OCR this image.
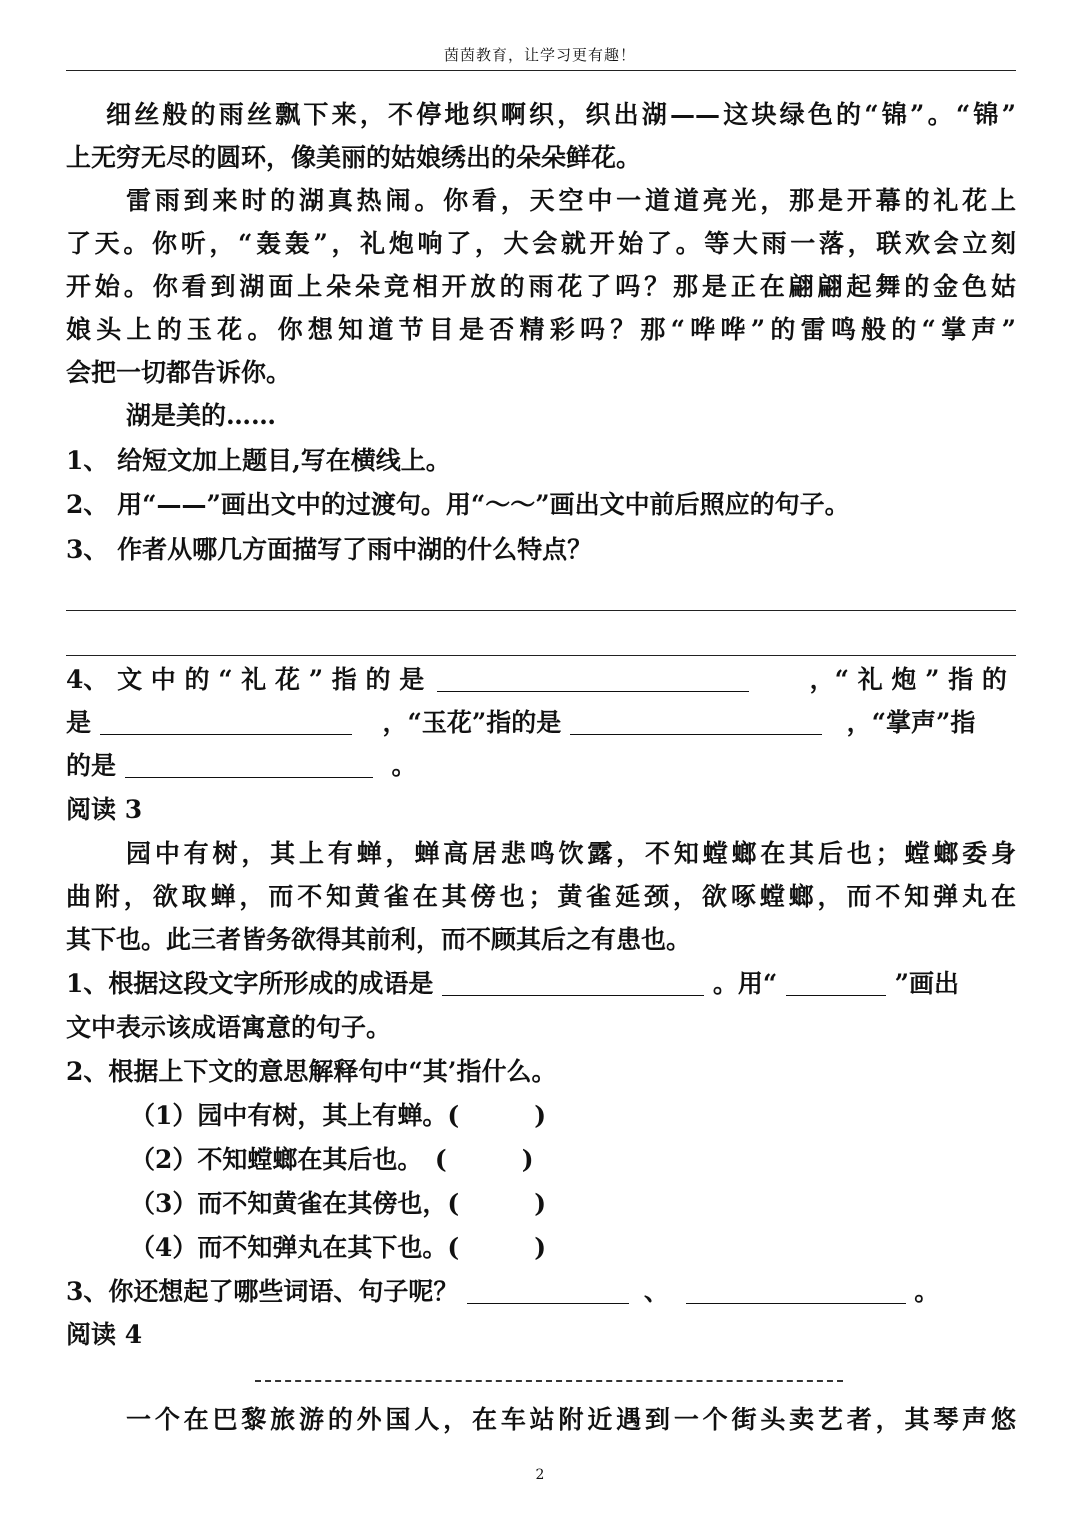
茵茵教育，让学习更有趣！
细丝般的雨丝飘下来，不停地织啊织，织出湖——这块绿色的“锦”。“锦”
上无穷无尽的圆环，像美丽的姑娘绣出的朵朵鲜花。
雷雨到来时的湖真热闹。你看，天空中一道道亮光，那是开幕的礼花上
了天。你听，“轰轰”，礼炮响了，大会就开始了。等大雨一落，联欢会立刻
开始。你看到湖面上朵朵竞相开放的雨花了吗？那是正在翩翩起舞的金色姑
娘头上的玉花。你想知道节目是否精彩吗？那“哗哗”的雷鸣般的“掌声”
会把一切都告诉你。
湖是美的……
1、 给短文加上题目,写在横线上。
2、 用“——”画出文中的过渡句。用“～～”画出文中前后照应的句子。
3、 作者从哪几方面描写了雨中湖的什么特点？
4、 文 中 的 “ 礼 花 ” 指 的 是	，“ 礼 炮 ” 指 的
是	，“玉花”指的是	，“掌声”指
的是	。
阅读 3
园中有树，其上有蝉，蝉高居悲鸣饮露，不知螳螂在其后也；螳螂委身
曲附，欲取蝉，而不知黄雀在其傍也；黄雀延颈，欲啄螳螂，而不知弹丸在
其下也。此三者皆务欲得其前利，而不顾其后之有患也。
1、根据这段文字所形成的成语是	。用“	”画出
文中表示该成语寓意的句子。
2、根据上下文的意思解释句中“其’指什么。
（1）园中有树，其上有蝉。(　　　)
（2）不知螳螂在其后也。　(　　　)
（3）而不知黄雀在其傍也，(　　　)
（4）而不知弹丸在其下也。(　　　)
3、你还想起了哪些词语、句子呢？	、	。
阅读 4
一个在巴黎旅游的外国人，在车站附近遇到一个街头卖艺者，其琴声悠
2
